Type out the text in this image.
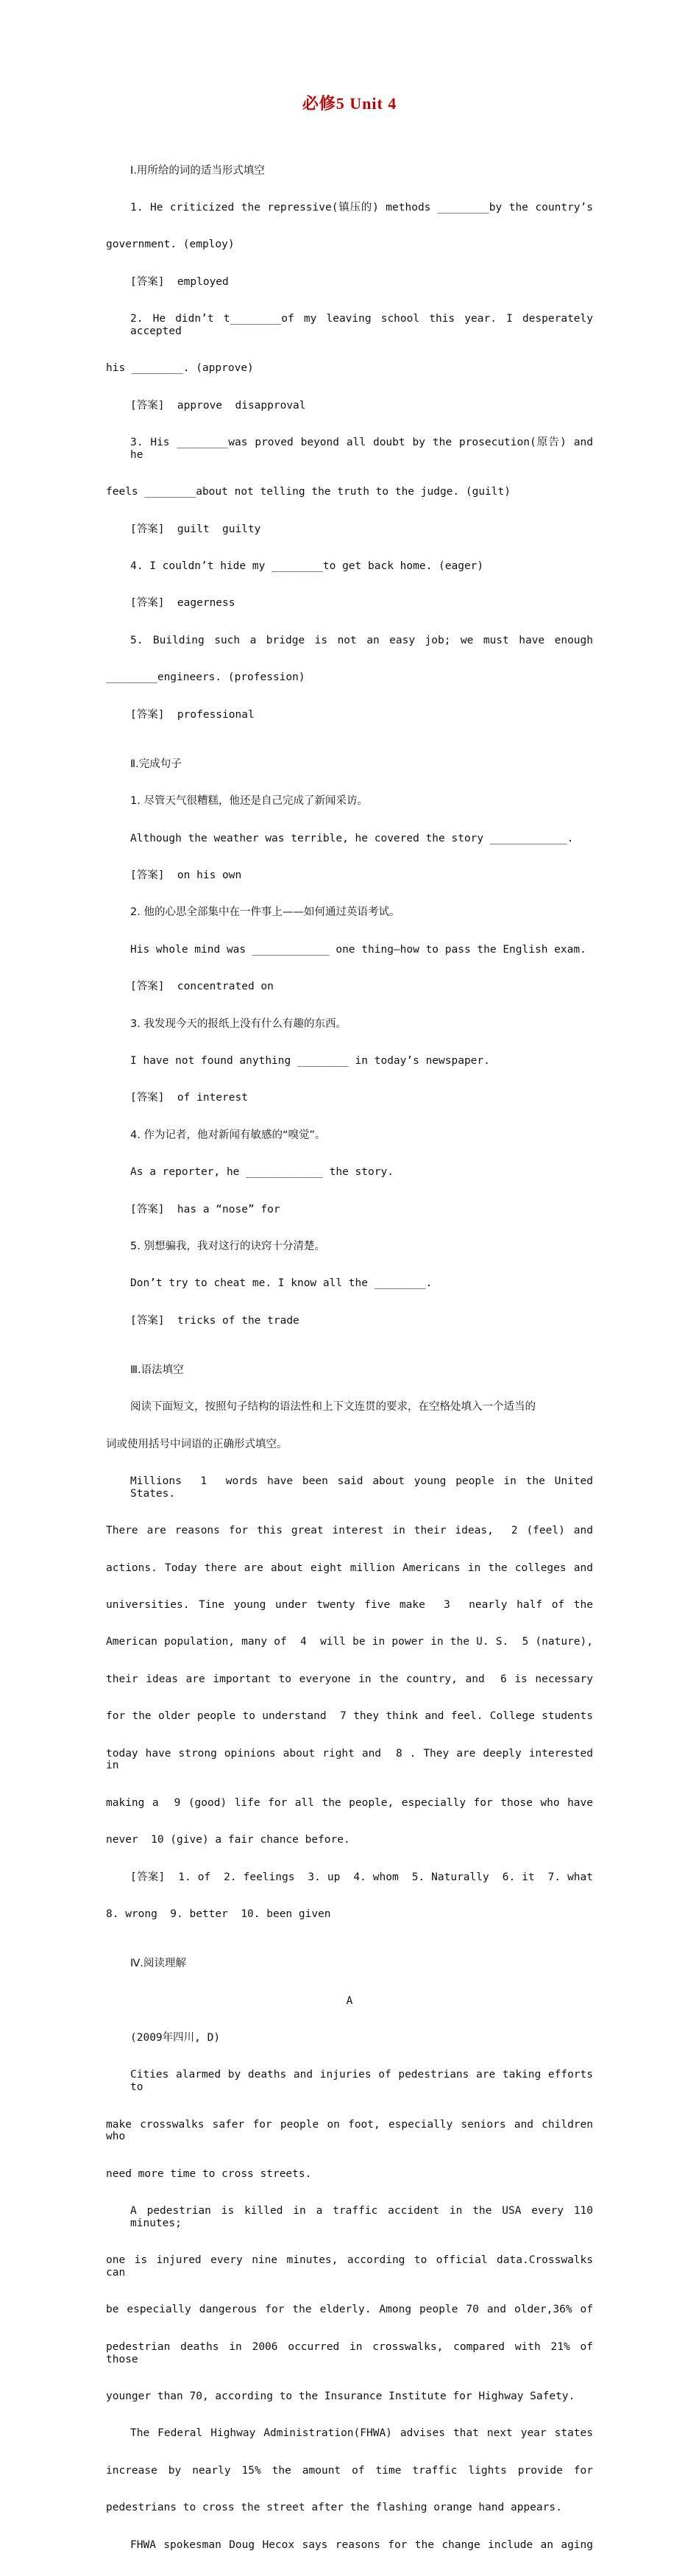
必修5 Unit 4

Ⅰ.用所给的词的适当形式填空

1. He criticized the repressive(镇压的) methods ________by the country’s

government. (employ)

[答案]  employed

2. He didn’t t________of my leaving school this year. I desperately accepted

his ________. (approve)

[答案]  approve  disapproval

3. His ________was proved beyond all doubt by the prosecution(原告) and he

feels ________about not telling the truth to the judge. (guilt)

[答案]  guilt  guilty

4. I couldn’t hide my ________to get back home. (eager)

[答案]  eagerness

5. Building such a bridge is not an easy job; we must have enough

________engineers. (profession)

[答案]  professional

Ⅱ.完成句子

1. 尽管天气很糟糕，他还是自己完成了新闻采访。

Although the weather was terrible, he covered the story ____________.

[答案]  on his own

2. 他的心思全部集中在一件事上——如何通过英语考试。

His whole mind was ____________ one thing—how to pass the English exam.

[答案]  concentrated on

3. 我发现今天的报纸上没有什么有趣的东西。

I have not found anything ________ in today’s newspaper.

[答案]  of interest

4. 作为记者，他对新闻有敏感的“嗅觉”。

As a reporter, he ____________ the story.

[答案]  has a “nose” for

5. 别想骗我，我对这行的诀窍十分清楚。

Don’t try to cheat me. I know all the ________.

[答案]  tricks of the trade

Ⅲ.语法填空

阅读下面短文，按照句子结构的语法性和上下文连贯的要求，在空格处填入一个适当的

词或使用括号中词语的正确形式填空。

Millions  1  words have been said about young people in the United States.

There are reasons for this great interest in their ideas,  2 (feel) and

actions. Today there are about eight million Americans in the colleges and

universities. Tine young under twenty five make  3  nearly half of the

American population, many of  4  will be in power in the U. S.  5 (nature),

their ideas are important to everyone in the country, and  6 is necessary

for the older people to understand  7 they think and feel. College students

today have strong opinions about right and  8 . They are deeply interested in

making a  9 (good) life for all the people, especially for those who have

never  10 (give) a fair chance before.

[答案]  1. of  2. feelings  3. up  4. whom  5. Naturally  6. it  7. what

8. wrong  9. better  10. been given

Ⅳ.阅读理解

A

(2009年四川, D)

Cities alarmed by deaths and injuries of pedestrians are taking efforts to

make crosswalks safer for people on foot, especially seniors and children who

need more time to cross streets.

A pedestrian is killed in a traffic accident in the USA every 110 minutes;

one is injured every nine minutes, according to official data.Crosswalks can

be especially dangerous for the elderly. Among people 70 and older,36% of

pedestrian deaths in 2006 occurred in crosswalks, compared with 21% of those

younger than 70, according to the Insurance Institute for Highway Safety.

The Federal Highway Administration(FHWA) advises that next year states

increase by nearly 15% the amount of time traffic lights provide for

pedestrians to cross the street after the flashing orange hand appears.

FHWA spokesman Doug Hecox says reasons for the change include an aging
